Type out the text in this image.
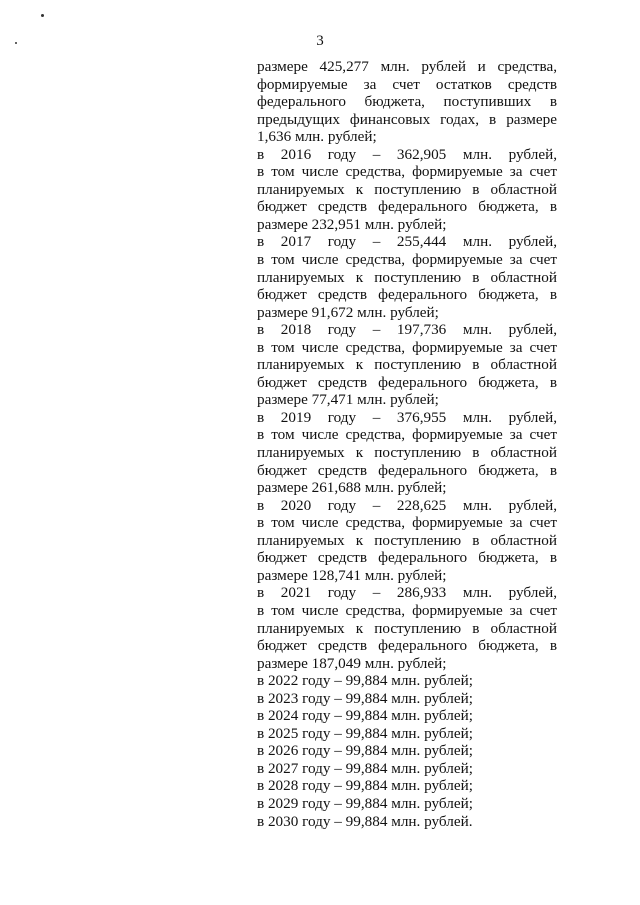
3
размере 425,277 млн. рублей и средства,
формируемые за счет остатков средств
федерального бюджета, поступивших в
предыдущих финансовых годах, в размере
1,636 млн. рублей;
в 2016 году – 362,905 млн. рублей,
в том числе средства, формируемые за счет
планируемых к поступлению в областной
бюджет средств федерального бюджета, в
размере 232,951 млн. рублей;
в 2017 году – 255,444 млн. рублей,
в том числе средства, формируемые за счет
планируемых к поступлению в областной
бюджет средств федерального бюджета, в
размере 91,672 млн. рублей;
в 2018 году – 197,736 млн. рублей,
в том числе средства, формируемые за счет
планируемых к поступлению в областной
бюджет средств федерального бюджета, в
размере 77,471 млн. рублей;
в 2019 году – 376,955 млн. рублей,
в том числе средства, формируемые за счет
планируемых к поступлению в областной
бюджет средств федерального бюджета, в
размере 261,688 млн. рублей;
в 2020 году – 228,625 млн. рублей,
в том числе средства, формируемые за счет
планируемых к поступлению в областной
бюджет средств федерального бюджета, в
размере 128,741 млн. рублей;
в 2021 году – 286,933 млн. рублей,
в том числе средства, формируемые за счет
планируемых к поступлению в областной
бюджет средств федерального бюджета, в
размере 187,049 млн. рублей;
в 2022 году – 99,884 млн. рублей;
в 2023 году – 99,884 млн. рублей;
в 2024 году – 99,884 млн. рублей;
в 2025 году – 99,884 млн. рублей;
в 2026 году – 99,884 млн. рублей;
в 2027 году – 99,884 млн. рублей;
в 2028 году – 99,884 млн. рублей;
в 2029 году – 99,884 млн. рублей;
в 2030 году – 99,884 млн. рублей.
